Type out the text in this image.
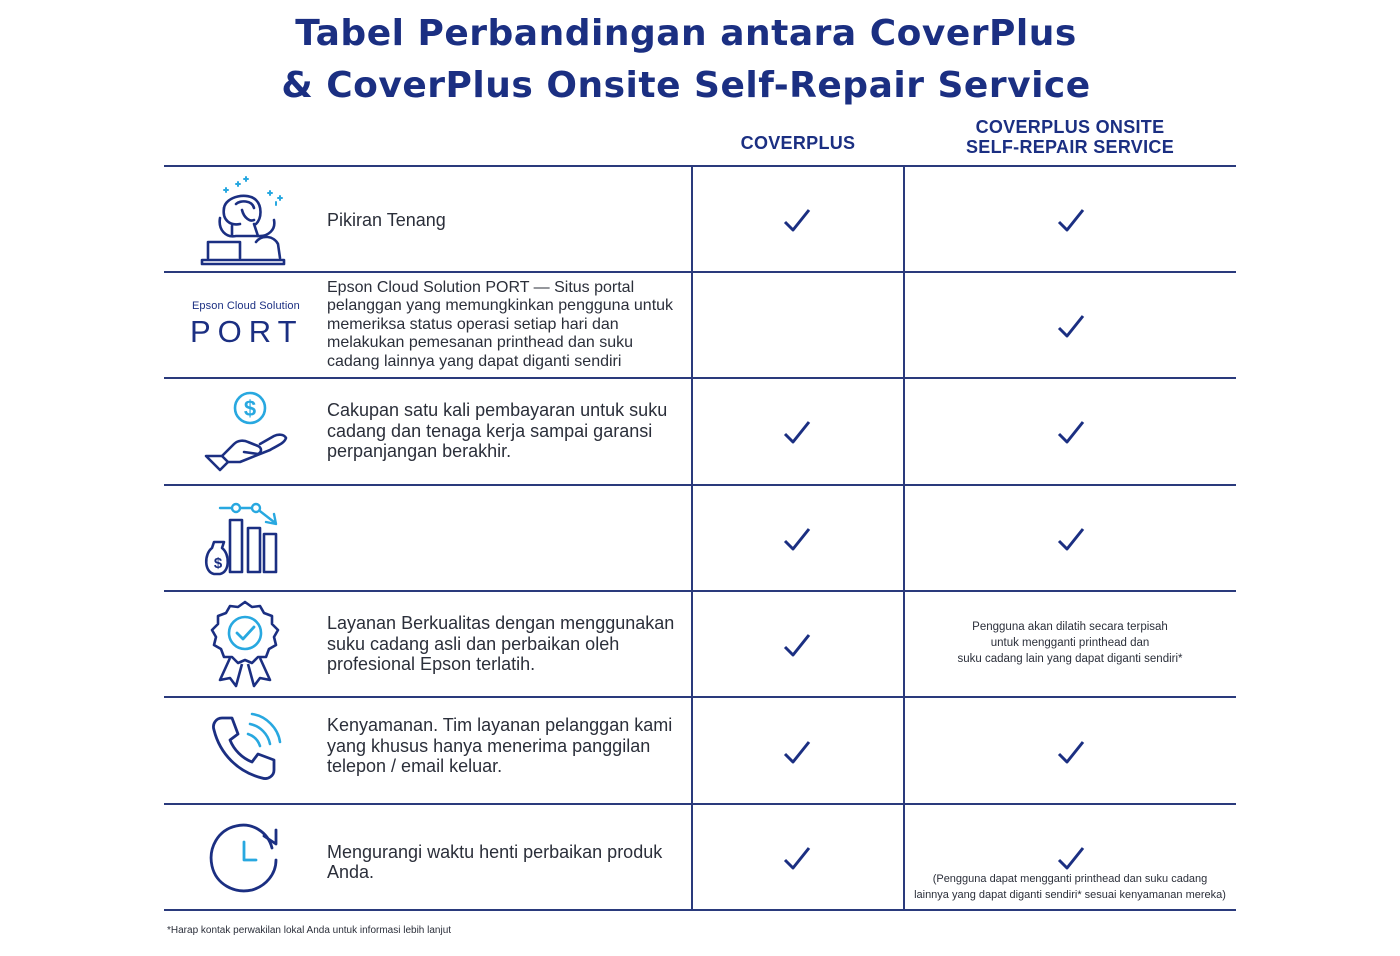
Tabel Perbandingan antara CoverPlus
& CoverPlus Onsite Self-Repair Service
COVERPLUS
COVERPLUS ONSITE
SELF-REPAIR SERVICE
Pikiran Tenang
Epson Cloud Solution
PORT
Epson Cloud Solution PORT — Situs portal pelanggan yang memungkinkan pengguna untuk memeriksa status operasi setiap hari dan melakukan pemesanan printhead dan suku cadang lainnya yang dapat diganti sendiri
$	Cakupan satu kali pembayaran untuk suku cadang dan tenaga kerja sampai garansi perpanjangan berakhir.
$
Layanan Berkualitas dengan menggunakan suku cadang asli dan perbaikan oleh profesional Epson terlatih.
Pengguna akan dilatih secara terpisah
untuk mengganti printhead dan
suku cadang lain yang dapat diganti sendiri*
Kenyamanan. Tim layanan pelanggan kami yang khusus hanya menerima panggilan telepon / email keluar.
Mengurangi waktu henti perbaikan produk Anda.	(Pengguna dapat mengganti printhead dan suku cadang
lainnya yang dapat diganti sendiri* sesuai kenyamanan mereka)
*Harap kontak perwakilan lokal Anda untuk informasi lebih lanjut
